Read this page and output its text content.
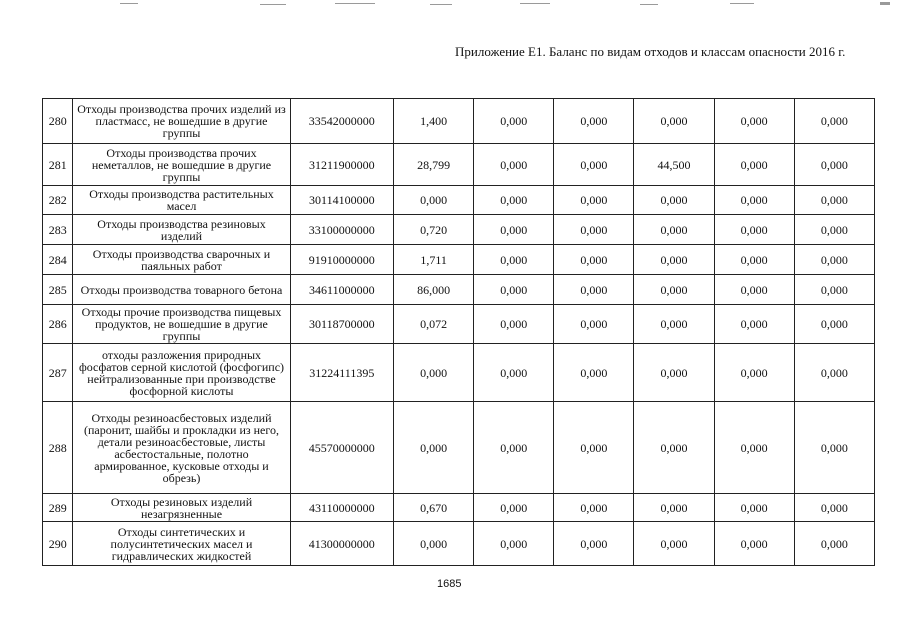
Приложение Е1. Баланс по видам отходов и классам опасности 2016 г.
280	Отходы производства прочих изделий из пластмасс, не вошедшие в другие группы	33542000000	1,400	0,000	0,000	0,000	0,000	0,000
281	Отходы производства прочих неметаллов, не вошедшие в другие группы	31211900000	28,799	0,000	0,000	44,500	0,000	0,000
282	Отходы производства растительных масел	30114100000	0,000	0,000	0,000	0,000	0,000	0,000
283	Отходы производства резиновых изделий	33100000000	0,720	0,000	0,000	0,000	0,000	0,000
284	Отходы производства сварочных и паяльных работ	91910000000	1,711	0,000	0,000	0,000	0,000	0,000
285	Отходы производства товарного бетона	34611000000	86,000	0,000	0,000	0,000	0,000	0,000
286	Отходы прочие производства пищевых продуктов, не вошедшие в другие группы	30118700000	0,072	0,000	0,000	0,000	0,000	0,000
287	отходы разложения природных фосфатов серной кислотой (фосфогипс) нейтрализованные при производстве фосфорной кислоты	31224111395	0,000	0,000	0,000	0,000	0,000	0,000
288	Отходы резиноасбестовых изделий (паронит, шайбы и прокладки из него, детали резиноасбестовые, листы асбестостальные, полотно армированное, кусковые отходы и обрезь)	45570000000	0,000	0,000	0,000	0,000	0,000	0,000
289	Отходы резиновых изделий незагрязненные	43110000000	0,670	0,000	0,000	0,000	0,000	0,000
290	Отходы синтетических и полусинтетических масел и гидравлических жидкостей	41300000000	0,000	0,000	0,000	0,000	0,000	0,000
1685
